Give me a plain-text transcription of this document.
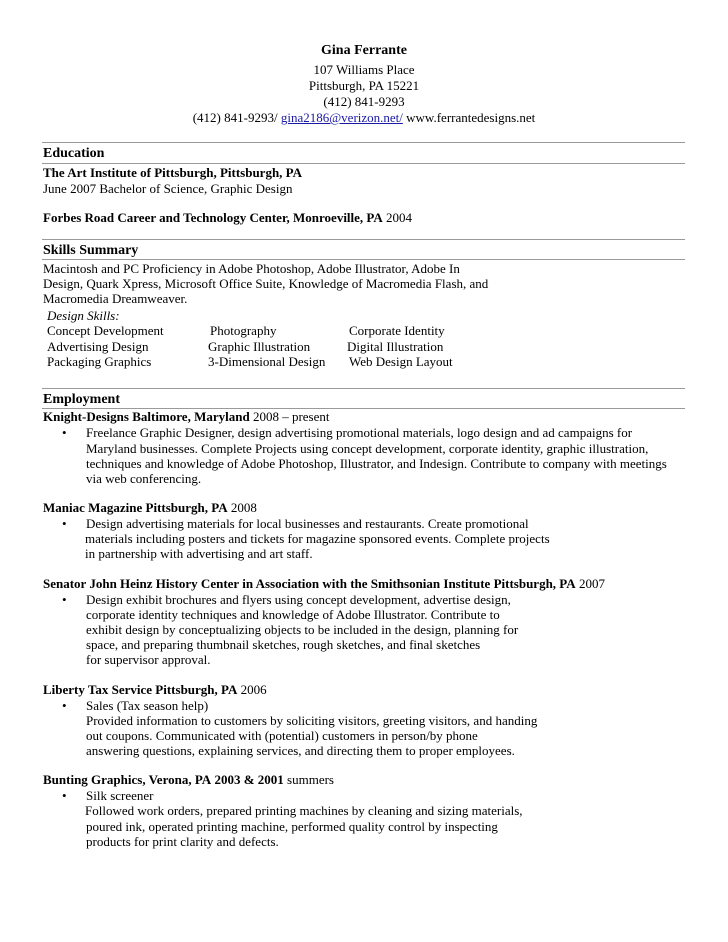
Gina Ferrante
107 Williams Place
Pittsburgh, PA 15221
(412) 841-9293
(412) 841-9293/ gina2186@verizon.net/ www.ferrantedesigns.net
Education
The Art Institute of Pittsburgh, Pittsburgh, PA
June 2007 Bachelor of Science, Graphic Design
Forbes Road Career and Technology Center, Monroeville, PA 2004
Skills Summary
Macintosh and PC Proficiency in Adobe Photoshop, Adobe Illustrator, Adobe In
Design, Quark Xpress, Microsoft Office Suite, Knowledge of Macromedia Flash, and
Macromedia Dreamweaver.
Design Skills:
Concept Development
Advertising Design
Packaging Graphics
Photography
Graphic Illustration
3-Dimensional Design
Corporate Identity
Digital Illustration
Web Design Layout
Employment
Knight-Designs Baltimore, Maryland 2008 – present
• Freelance Graphic Designer, design advertising promotional materials, logo design and ad campaigns for
Maryland businesses. Complete Projects using concept development, corporate identity, graphic illustration,
techniques and knowledge of Adobe Photoshop, Illustrator, and Indesign. Contribute to company with meetings
via web conferencing.
Maniac Magazine Pittsburgh, PA 2008
• Design advertising materials for local businesses and restaurants. Create promotional
materials including posters and tickets for magazine sponsored events. Complete projects
in partnership with advertising and art staff.
Senator John Heinz History Center in Association with the Smithsonian Institute Pittsburgh, PA 2007
• Design exhibit brochures and flyers using concept development, advertise design,
corporate identity techniques and knowledge of Adobe Illustrator. Contribute to
exhibit design by conceptualizing objects to be included in the design, planning for
space, and preparing thumbnail sketches, rough sketches, and final sketches
for supervisor approval.
Liberty Tax Service Pittsburgh, PA 2006
• Sales (Tax season help)
Provided information to customers by soliciting visitors, greeting visitors, and handing
out coupons. Communicated with (potential) customers in person/by phone
answering questions, explaining services, and directing them to proper employees.
Bunting Graphics, Verona, PA 2003 & 2001 summers
• Silk screener
Followed work orders, prepared printing machines by cleaning and sizing materials,
poured ink, operated printing machine, performed quality control by inspecting
products for print clarity and defects.
